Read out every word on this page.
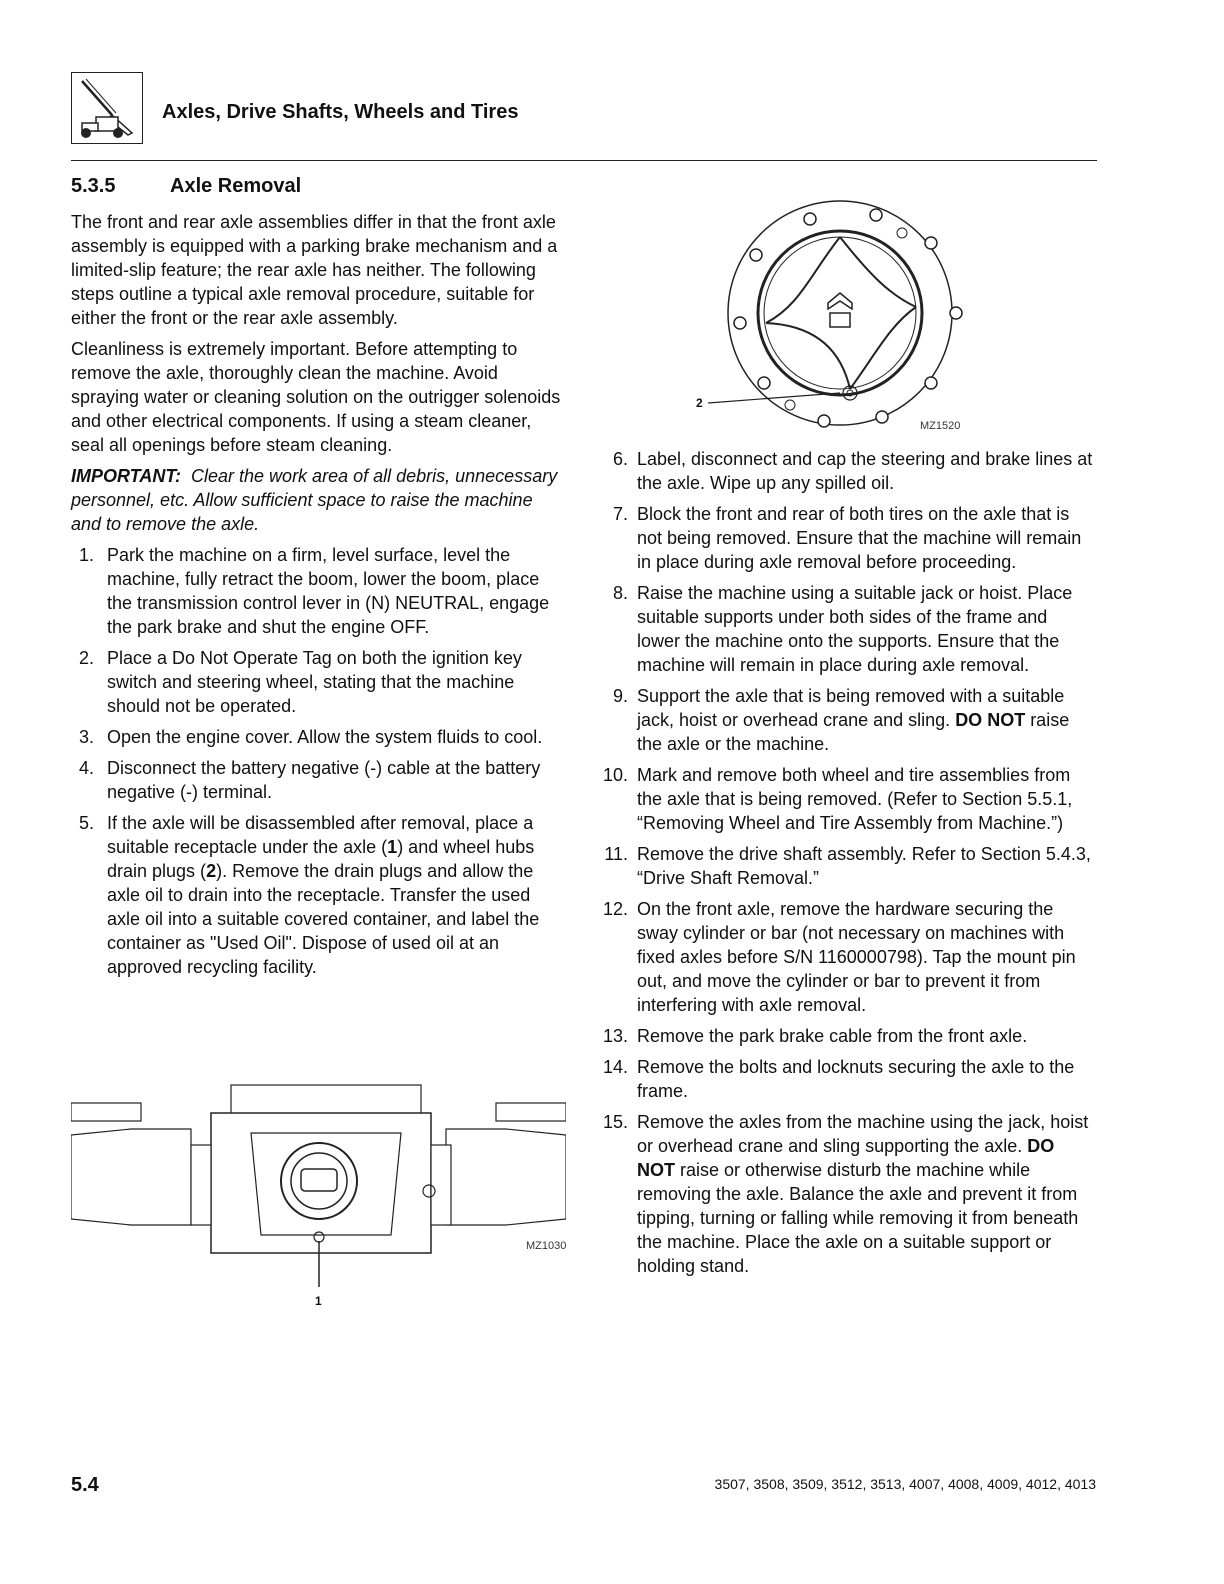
Axles, Drive Shafts, Wheels and Tires
5.3.5	Axle Removal

The front and rear axle assemblies differ in that the front axle assembly is equipped with a parking brake mechanism and a limited-slip feature; the rear axle has neither. The following steps outline a typical axle removal procedure, suitable for either the front or the rear axle assembly.

Cleanliness is extremely important. Before attempting to remove the axle, thoroughly clean the machine. Avoid spraying water or cleaning solution on the outrigger solenoids and other electrical components. If using a steam cleaner, seal all openings before steam cleaning.

IMPORTANT: Clear the work area of all debris, unnecessary personnel, etc. Allow sufficient space to raise the machine and to remove the axle.

1. Park the machine on a firm, level surface, level the machine, fully retract the boom, lower the boom, place the transmission control lever in (N) NEUTRAL, engage the park brake and shut the engine OFF.
2. Place a Do Not Operate Tag on both the ignition key switch and steering wheel, stating that the machine should not be operated.
3. Open the engine cover. Allow the system fluids to cool.
4. Disconnect the battery negative (-) cable at the battery negative (-) terminal.
5. If the axle will be disassembled after removal, place a suitable receptacle under the axle (1) and wheel hubs drain plugs (2). Remove the drain plugs and allow the axle oil to drain into the receptacle. Transfer the used axle oil into a suitable covered container, and label the container as "Used Oil". Dispose of used oil at an approved recycling facility.
2
MZ1520
1
MZ1030
6. Label, disconnect and cap the steering and brake lines at the axle. Wipe up any spilled oil.
7. Block the front and rear of both tires on the axle that is not being removed. Ensure that the machine will remain in place during axle removal before proceeding.
8. Raise the machine using a suitable jack or hoist. Place suitable supports under both sides of the frame and lower the machine onto the supports. Ensure that the machine will remain in place during axle removal.
9. Support the axle that is being removed with a suitable jack, hoist or overhead crane and sling. DO NOT raise the axle or the machine.
10. Mark and remove both wheel and tire assemblies from the axle that is being removed. (Refer to Section 5.5.1, “Removing Wheel and Tire Assembly from Machine.”)
11. Remove the drive shaft assembly. Refer to Section 5.4.3, “Drive Shaft Removal.”
12. On the front axle, remove the hardware securing the sway cylinder or bar (not necessary on machines with fixed axles before S/N 1160000798). Tap the mount pin out, and move the cylinder or bar to prevent it from interfering with axle removal.
13. Remove the park brake cable from the front axle.
14. Remove the bolts and locknuts securing the axle to the frame.
15. Remove the axles from the machine using the jack, hoist or overhead crane and sling supporting the axle. DO NOT raise or otherwise disturb the machine while removing the axle. Balance the axle and prevent it from tipping, turning or falling while removing it from beneath the machine. Place the axle on a suitable support or holding stand.
5.4	3507, 3508, 3509, 3512, 3513, 4007, 4008, 4009, 4012, 4013
